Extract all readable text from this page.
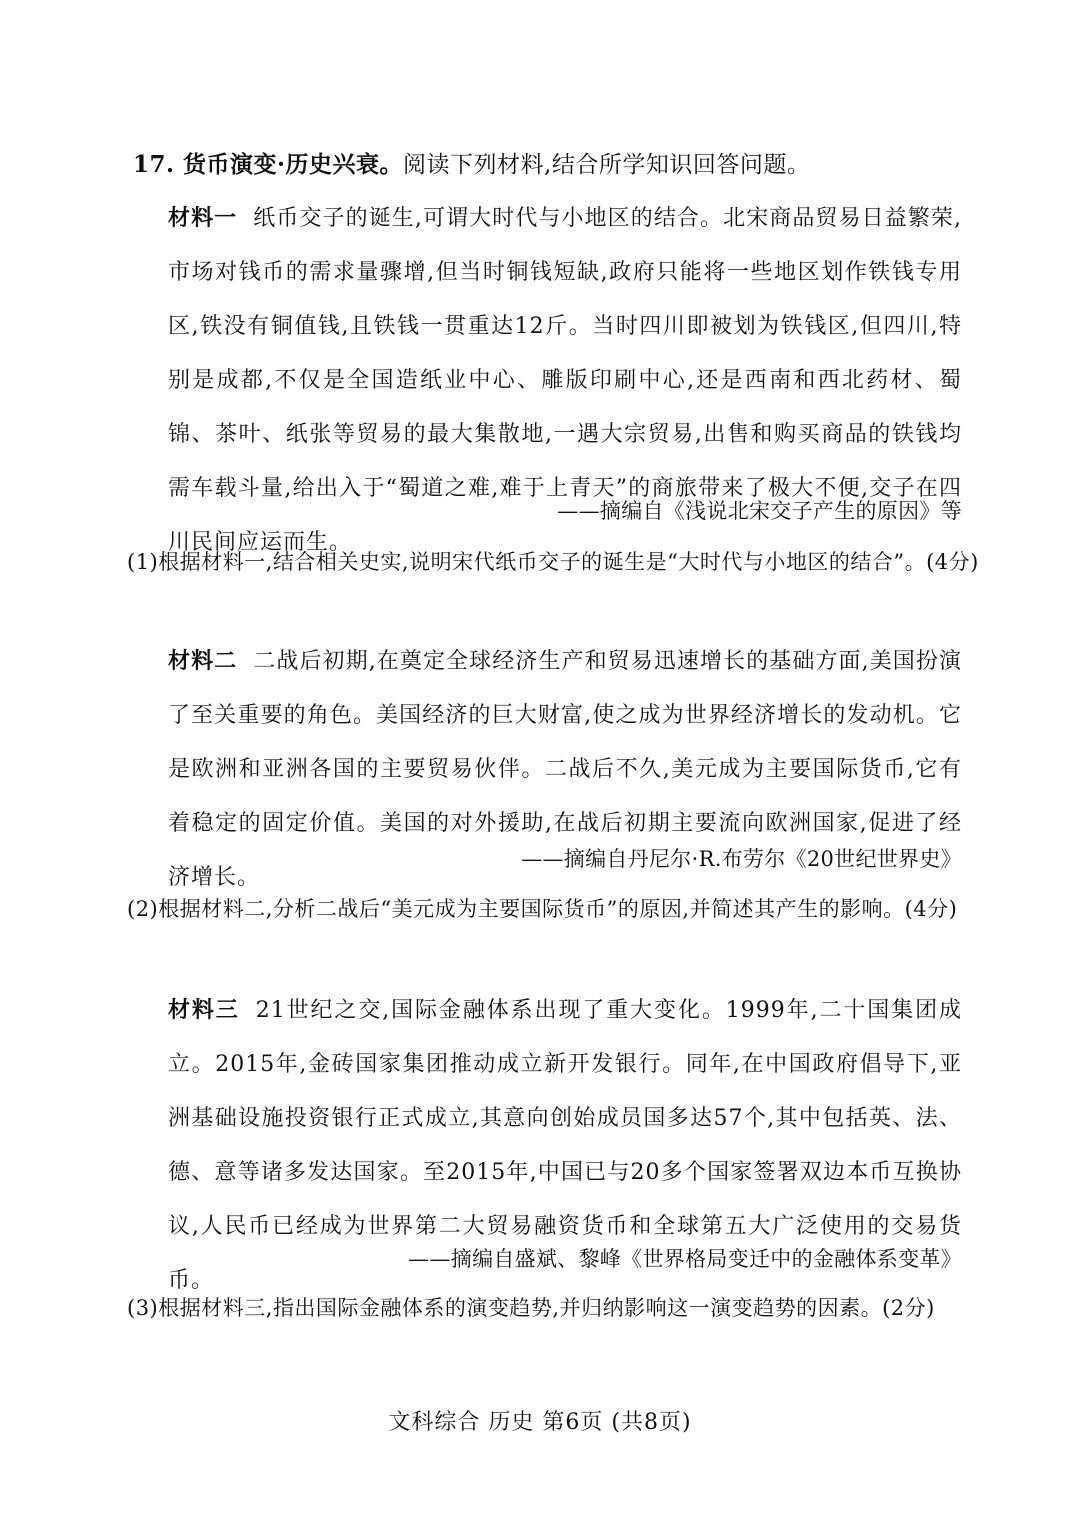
17. 货币演变·历史兴衰。阅读下列材料,结合所学知识回答问题。
材料一 纸币交子的诞生,可谓大时代与小地区的结合。北宋商品贸易日益繁荣,市场对钱币的需求量骤增,但当时铜钱短缺,政府只能将一些地区划作铁钱专用区,铁没有铜值钱,且铁钱一贯重达12斤。当时四川即被划为铁钱区,但四川,特别是成都,不仅是全国造纸业中心、雕版印刷中心,还是西南和西北药材、蜀锦、茶叶、纸张等贸易的最大集散地,一遇大宗贸易,出售和购买商品的铁钱均需车载斗量,给出入于“蜀道之难,难于上青天”的商旅带来了极大不便,交子在四川民间应运而生。
——摘编自《浅说北宋交子产生的原因》等
(1)根据材料一,结合相关史实,说明宋代纸币交子的诞生是“大时代与小地区的结合”。(4分)
材料二 二战后初期,在奠定全球经济生产和贸易迅速增长的基础方面,美国扮演了至关重要的角色。美国经济的巨大财富,使之成为世界经济增长的发动机。它是欧洲和亚洲各国的主要贸易伙伴。二战后不久,美元成为主要国际货币,它有着稳定的固定价值。美国的对外援助,在战后初期主要流向欧洲国家,促进了经济增长。
——摘编自丹尼尔·R.布劳尔《20世纪世界史》
(2)根据材料二,分析二战后“美元成为主要国际货币”的原因,并简述其产生的影响。(4分)
材料三 21世纪之交,国际金融体系出现了重大变化。1999年,二十国集团成立。2015年,金砖国家集团推动成立新开发银行。同年,在中国政府倡导下,亚洲基础设施投资银行正式成立,其意向创始成员国多达57个,其中包括英、法、德、意等诸多发达国家。至2015年,中国已与20多个国家签署双边本币互换协议,人民币已经成为世界第二大贸易融资货币和全球第五大广泛使用的交易货币。
——摘编自盛斌、黎峰《世界格局变迁中的金融体系变革》
(3)根据材料三,指出国际金融体系的演变趋势,并归纳影响这一演变趋势的因素。(2分)
文科综合 历史 第6页 (共8页)
